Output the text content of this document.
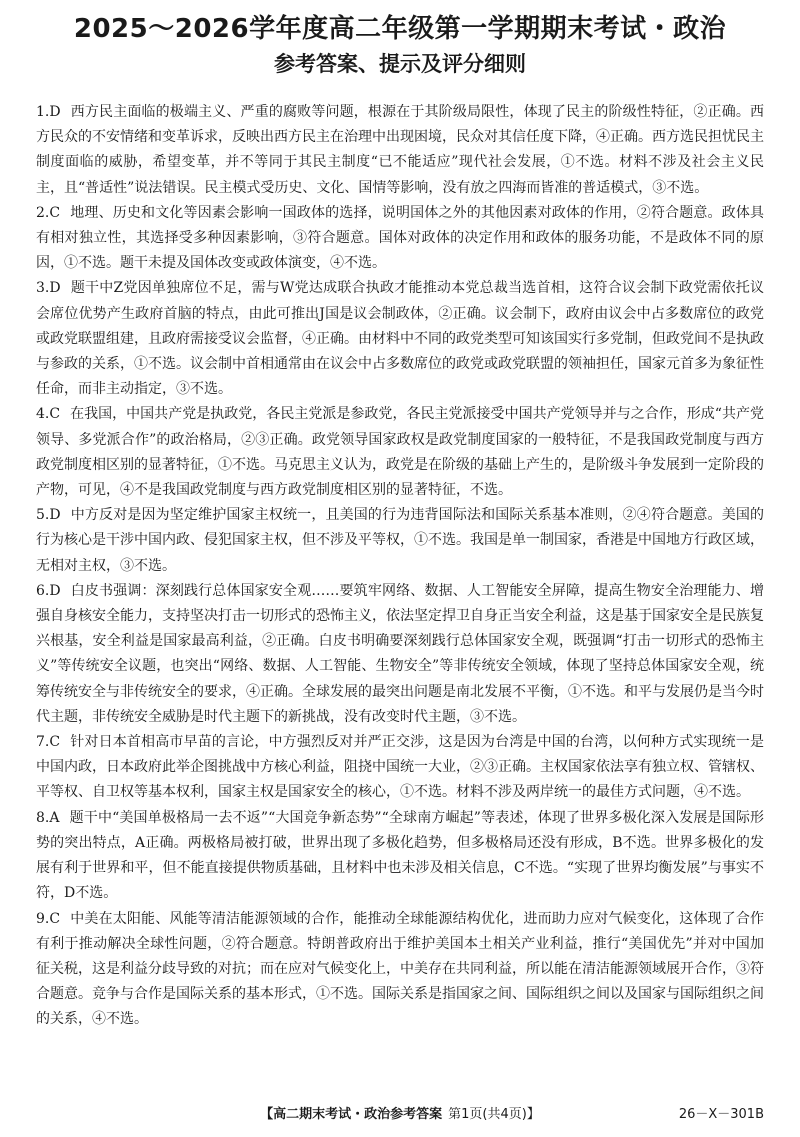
2025～2026学年度高二年级第一学期期末考试・政治
参考答案、提示及评分细则
1.D 西方民主面临的极端主义、严重的腐败等问题，根源在于其阶级局限性，体现了民主的阶级性特征，②正确。西方民众的不安情绪和变革诉求，反映出西方民主在治理中出现困境，民众对其信任度下降，④正确。西方选民担忧民主制度面临的威胁，希望变革，并不等同于其民主制度“已不能适应”现代社会发展，①不选。材料不涉及社会主义民主，且“普适性”说法错误。民主模式受历史、文化、国情等影响，没有放之四海而皆准的普适模式，③不选。
2.C 地理、历史和文化等因素会影响一国政体的选择，说明国体之外的其他因素对政体的作用，②符合题意。政体具有相对独立性，其选择受多种因素影响，③符合题意。国体对政体的决定作用和政体的服务功能，不是政体不同的原因，①不选。题干未提及国体改变或政体演变，④不选。
3.D 题干中Z党因单独席位不足，需与W党达成联合执政才能推动本党总裁当选首相，这符合议会制下政党需依托议会席位优势产生政府首脑的特点，由此可推出J国是议会制政体，②正确。议会制下，政府由议会中占多数席位的政党或政党联盟组建，且政府需接受议会监督，④正确。由材料中不同的政党类型可知该国实行多党制，但政党间不是执政与参政的关系，①不选。议会制中首相通常由在议会中占多数席位的政党或政党联盟的领袖担任，国家元首多为象征性任命，而非主动指定，③不选。
4.C 在我国，中国共产党是执政党，各民主党派是参政党，各民主党派接受中国共产党领导并与之合作，形成“共产党领导、多党派合作”的政治格局，②③正确。政党领导国家政权是政党制度国家的一般特征，不是我国政党制度与西方政党制度相区别的显著特征，①不选。马克思主义认为，政党是在阶级的基础上产生的，是阶级斗争发展到一定阶段的产物，可见，④不是我国政党制度与西方政党制度相区别的显著特征，不选。
5.D 中方反对是因为坚定维护国家主权统一，且美国的行为违背国际法和国际关系基本准则，②④符合题意。美国的行为核心是干涉中国内政、侵犯国家主权，但不涉及平等权，①不选。我国是单一制国家，香港是中国地方行政区域，无相对主权，③不选。
6.D 白皮书强调：深刻践行总体国家安全观……要筑牢网络、数据、人工智能安全屏障，提高生物安全治理能力、增强自身核安全能力，支持坚决打击一切形式的恐怖主义，依法坚定捍卫自身正当安全利益，这是基于国家安全是民族复兴根基，安全利益是国家最高利益，②正确。白皮书明确要深刻践行总体国家安全观，既强调“打击一切形式的恐怖主义”等传统安全议题，也突出“网络、数据、人工智能、生物安全”等非传统安全领域，体现了坚持总体国家安全观，统筹传统安全与非传统安全的要求，④正确。全球发展的最突出问题是南北发展不平衡，①不选。和平与发展仍是当今时代主题，非传统安全威胁是时代主题下的新挑战，没有改变时代主题，③不选。
7.C 针对日本首相高市早苗的言论，中方强烈反对并严正交涉，这是因为台湾是中国的台湾，以何种方式实现统一是中国内政，日本政府此举企图挑战中方核心利益，阻挠中国统一大业，②③正确。主权国家依法享有独立权、管辖权、平等权、自卫权等基本权利，国家主权是国家安全的核心，①不选。材料不涉及两岸统一的最佳方式问题，④不选。
8.A 题干中“美国单极格局一去不返”“大国竞争新态势”“全球南方崛起”等表述，体现了世界多极化深入发展是国际形势的突出特点，A正确。两极格局被打破，世界出现了多极化趋势，但多极格局还没有形成，B不选。世界多极化的发展有利于世界和平，但不能直接提供物质基础，且材料中也未涉及相关信息，C不选。“实现了世界均衡发展”与事实不符，D不选。
9.C 中美在太阳能、风能等清洁能源领域的合作，能推动全球能源结构优化，进而助力应对气候变化，这体现了合作有利于推动解决全球性问题，②符合题意。特朗普政府出于维护美国本土相关产业利益，推行“美国优先”并对中国加征关税，这是利益分歧导致的对抗；而在应对气候变化上，中美存在共同利益，所以能在清洁能源领域展开合作，③符合题意。竞争与合作是国际关系的基本形式，①不选。国际关系是指国家之间、国际组织之间以及国家与国际组织之间的关系，④不选。
【高二期末考试・政治参考答案 第1页(共4页)】	26－X－301B
